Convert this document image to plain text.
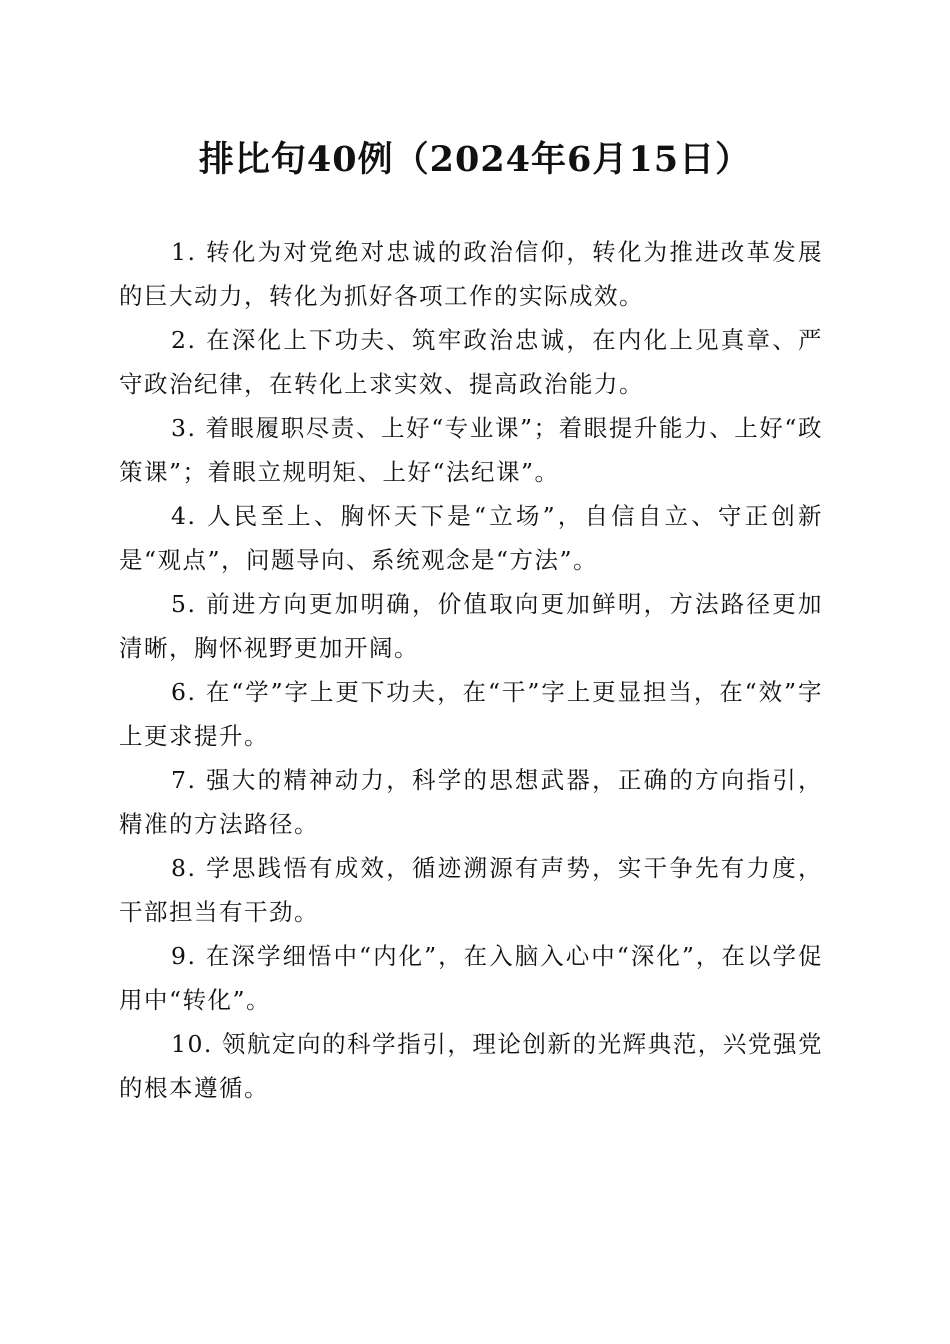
排比句40例（2024年6月15日）

1. 转化为对党绝对忠诚的政治信仰，转化为推进改革发展的巨大动力，转化为抓好各项工作的实际成效。

2. 在深化上下功夫、筑牢政治忠诚，在内化上见真章、严守政治纪律，在转化上求实效、提高政治能力。

3. 着眼履职尽责、上好“专业课”；着眼提升能力、上好“政策课”；着眼立规明矩、上好“法纪课”。

4. 人民至上、胸怀天下是“立场”，自信自立、守正创新是“观点”，问题导向、系统观念是“方法”。

5. 前进方向更加明确，价值取向更加鲜明，方法路径更加清晰，胸怀视野更加开阔。

6. 在“学”字上更下功夫，在“干”字上更显担当，在“效”字上更求提升。

7. 强大的精神动力，科学的思想武器，正确的方向指引，精准的方法路径。

8. 学思践悟有成效，循迹溯源有声势，实干争先有力度，干部担当有干劲。

9. 在深学细悟中“内化”，在入脑入心中“深化”，在以学促用中“转化”。

10. 领航定向的科学指引，理论创新的光辉典范，兴党强党的根本遵循。
